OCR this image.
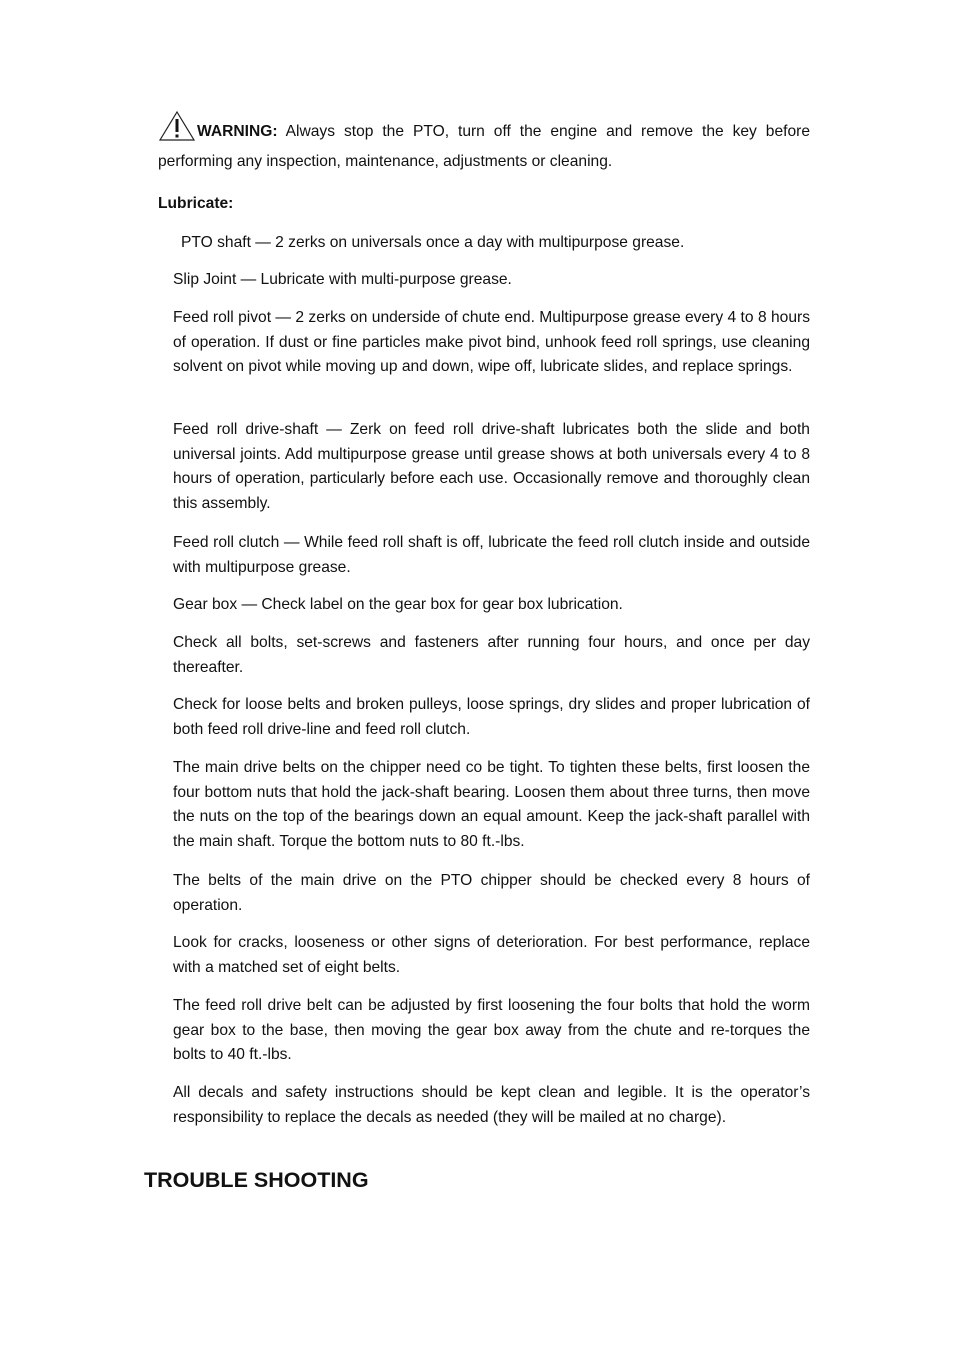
WARNING: Always stop the PTO, turn off the engine and remove the key before performing any inspection, maintenance, adjustments or cleaning.
Lubricate:
PTO shaft — 2 zerks on universals once a day with multipurpose grease.
Slip Joint — Lubricate with multi-purpose grease.
Feed roll pivot — 2 zerks on underside of chute end. Multipurpose grease every 4 to 8 hours of operation. If dust or fine particles make pivot bind, unhook feed roll springs, use cleaning solvent on pivot while moving up and down, wipe off, lubricate slides, and replace springs.
Feed roll drive-shaft — Zerk on feed roll drive-shaft lubricates both the slide and both universal joints. Add multipurpose grease until grease shows at both universals every 4 to 8 hours of operation, particularly before each use. Occasionally remove and thoroughly clean this assembly.
Feed roll clutch — While feed roll shaft is off, lubricate the feed roll clutch inside and outside with multipurpose grease.
Gear box — Check label on the gear box for gear box lubrication.
Check all bolts, set-screws and fasteners after running four hours, and once per day thereafter.
Check for loose belts and broken pulleys, loose springs, dry slides and proper lubrication of both feed roll drive-line and feed roll clutch.
The main drive belts on the chipper need co be tight. To tighten these belts, first loosen the four bottom nuts that hold the jack-shaft bearing. Loosen them about three turns, then move the nuts on the top of the bearings down an equal amount. Keep the jack-shaft parallel with the main shaft. Torque the bottom nuts to 80 ft.-lbs.
The belts of the main drive on the PTO chipper should be checked every 8 hours of operation.
Look for cracks, looseness or other signs of deterioration. For best performance, replace with a matched set of eight belts.
The feed roll drive belt can be adjusted by first loosening the four bolts that hold the worm gear box to the base, then moving the gear box away from the chute and re-torques the bolts to 40 ft.-lbs.
All decals and safety instructions should be kept clean and legible. It is the operator’s responsibility to replace the decals as needed (they will be mailed at no charge).
TROUBLE SHOOTING
